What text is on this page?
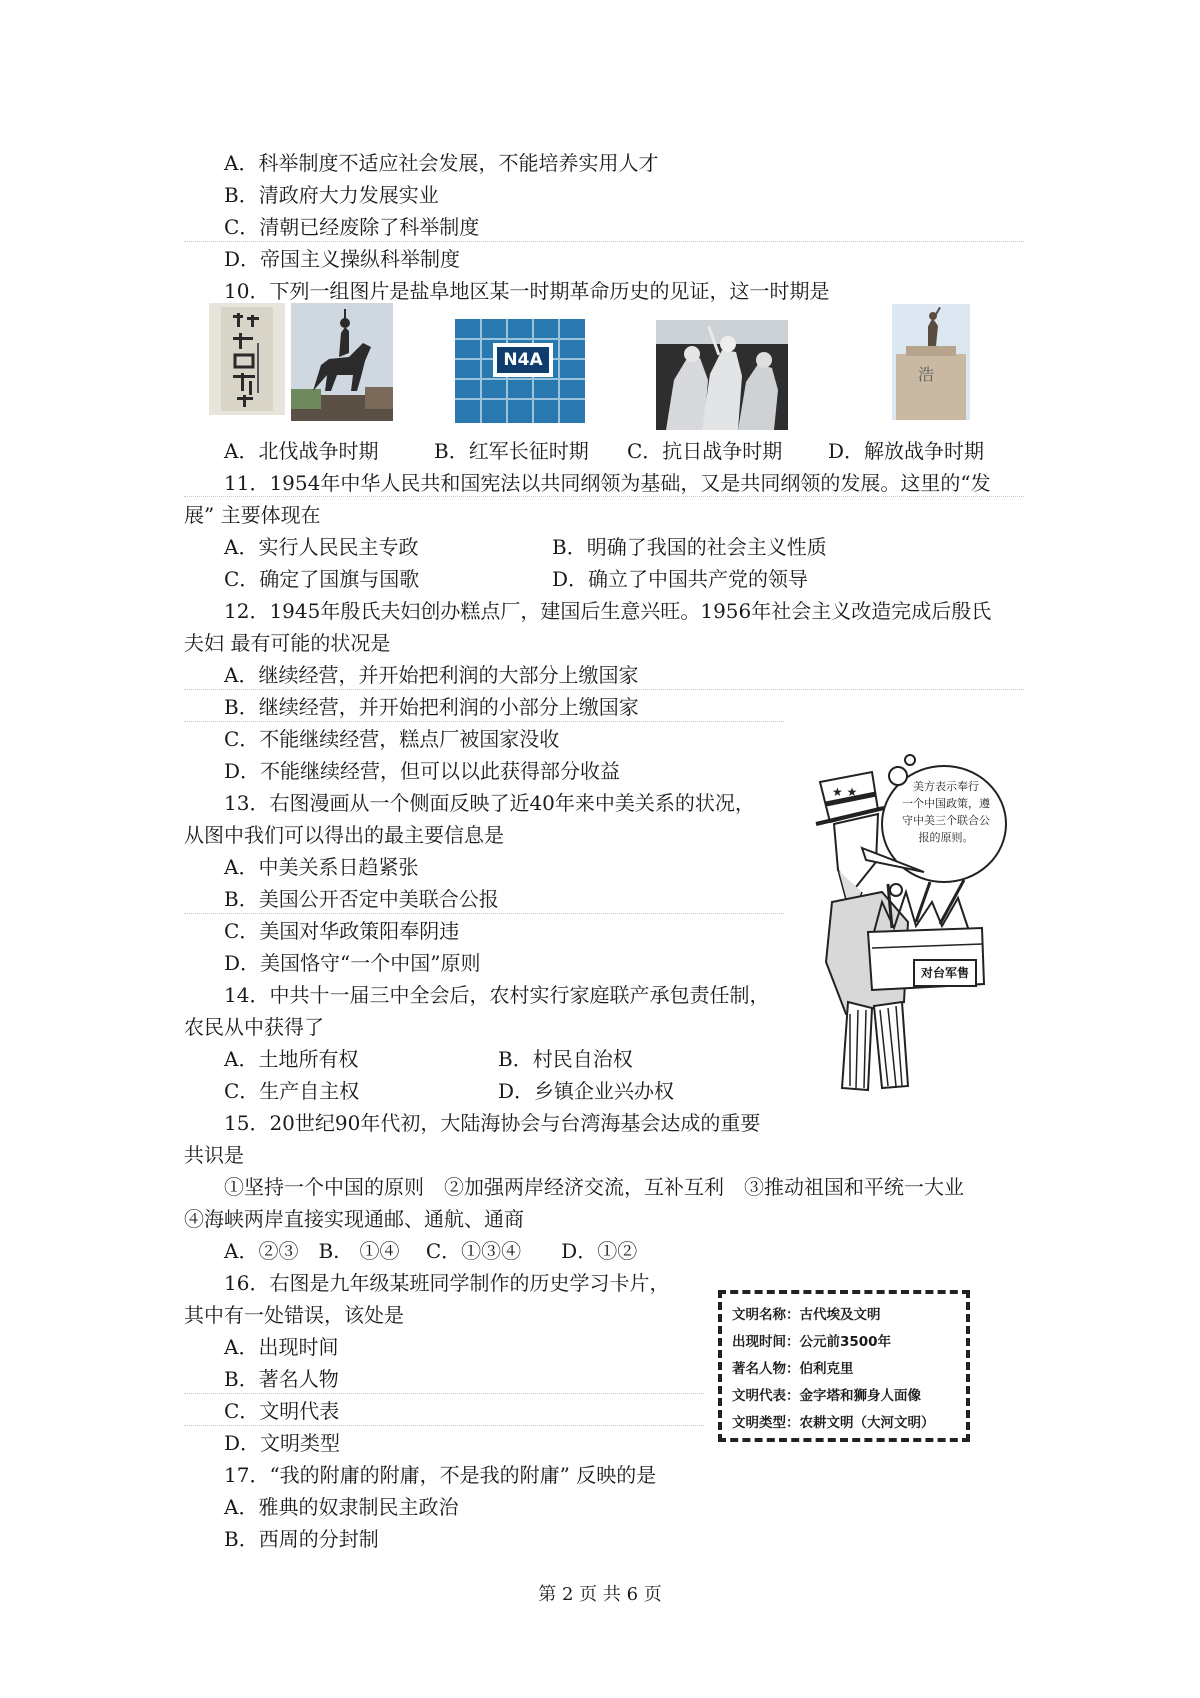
A．科举制度不适应社会发展，不能培养实用人才
B．清政府大力发展实业
C．清朝已经废除了科举制度
D．帝国主义操纵科举制度
10．下列一组图片是盐阜地区某一时期革命历史的见证，这一时期是
N4A
浩
A．北伐战争时期	B．红军长征时期 C．抗日战争时期 D．解放战争时期
11．1954年中华人民共和国宪法以共同纲领为基础，又是共同纲领的发展。这里的“发
展” 主要体现在
A．实行人民民主专政	B．明确了我国的社会主义性质
C．确定了国旗与国歌	D．确立了中国共产党的领导
12．1945年殷氏夫妇创办糕点厂，建国后生意兴旺。1956年社会主义改造完成后殷氏
夫妇 最有可能的状况是
A．继续经营，并开始把利润的大部分上缴国家
B．继续经营，并开始把利润的小部分上缴国家
C．不能继续经营，糕点厂被国家没收
D．不能继续经营，但可以以此获得部分收益
13．右图漫画从一个侧面反映了近40年来中美关系的状况，
从图中我们可以得出的最主要信息是
A．中美关系日趋紧张
B．美国公开否定中美联合公报
C．美国对华政策阳奉阴违
D．美国恪守“一个中国”原则
★ ★	美方表示奉行
一个中国政策，遵
守中美三个联合公
报的原则。
对台军售
14．中共十一届三中全会后，农村实行家庭联产承包责任制，
农民从中获得了
A．土地所有权	B．村民自治权
C．生产自主权	D．乡镇企业兴办权
15．20世纪90年代初，大陆海协会与台湾海基会达成的重要
共识是
①坚持一个中国的原则　②加强两岸经济交流，互补互利　③推动祖国和平统一大业
④海峡两岸直接实现通邮、通航、通商
A．②③　B.　①④　 C．①③④　　D．①②
16．右图是九年级某班同学制作的历史学习卡片，
其中有一处错误，该处是
A．出现时间
B．著名人物
C．文明代表
D．文明类型
文明名称：古代埃及文明
出现时间：公元前3500年
著名人物：伯利克里
文明代表：金字塔和狮身人面像
文明类型：农耕文明（大河文明）
17．“我的附庸的附庸，不是我的附庸” 反映的是
A．雅典的奴隶制民主政治
B．西周的分封制
第 2 页 共 6 页
